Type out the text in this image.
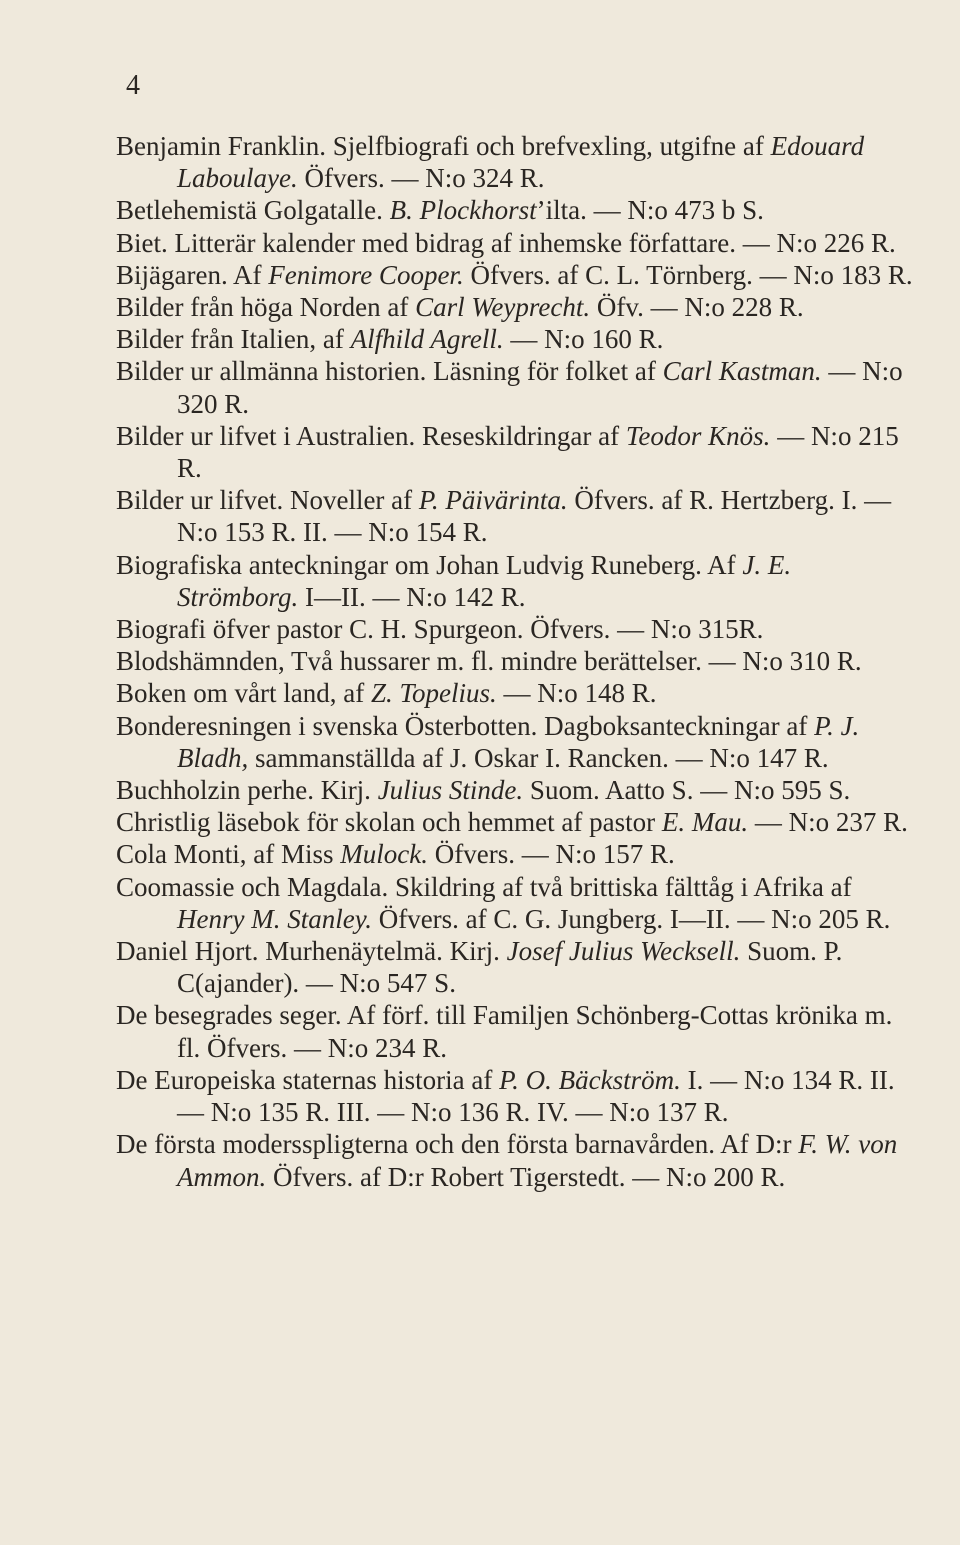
4
Benjamin Franklin. Sjelfbiografi och brefvexling, utgifne af Edouard Laboulaye. Öfvers. — N:o 324 R.
Betlehemistä Golgatalle. B. Plockhorst’ilta. — N:o 473 b S.
Biet. Litterär kalender med bidrag af inhemske författare. — N:o 226 R.
Bijägaren. Af Fenimore Cooper. Öfvers. af C. L. Törnberg. — N:o 183 R.
Bilder från höga Norden af Carl Weyprecht. Öfv. — N:o 228 R.
Bilder från Italien, af Alfhild Agrell. — N:o 160 R.
Bilder ur allmänna historien. Läsning för folket af Carl Kastman. — N:o 320 R.
Bilder ur lifvet i Australien. Reseskildringar af Teodor Knös. — N:o 215 R.
Bilder ur lifvet. Noveller af P. Päivärinta. Öfvers. af R. Hertzberg. I. — N:o 153 R. II. — N:o 154 R.
Biografiska anteckningar om Johan Ludvig Runeberg. Af J. E. Strömborg. I—II. — N:o 142 R.
Biografi öfver pastor C. H. Spurgeon. Öfvers. — N:o 315R.
Blodshämnden, Två hussarer m. fl. mindre berättelser. — N:o 310 R.
Boken om vårt land, af Z. Topelius. — N:o 148 R.
Bonderesningen i svenska Österbotten. Dagboksanteckningar af P. J. Bladh, sammanställda af J. Oskar I. Rancken. — N:o 147 R.
Buchholzin perhe. Kirj. Julius Stinde. Suom. Aatto S. — N:o 595 S.
Christlig läsebok för skolan och hemmet af pastor E. Mau. — N:o 237 R.
Cola Monti, af Miss Mulock. Öfvers. — N:o 157 R.
Coomassie och Magdala. Skildring af två brittiska fälttåg i Afrika af Henry M. Stanley. Öfvers. af C. G. Jungberg. I—II. — N:o 205 R.
Daniel Hjort. Murhenäytelmä. Kirj. Josef Julius Wecksell. Suom. P. C(ajander). — N:o 547 S.
De besegrades seger. Af förf. till Familjen Schönberg-Cottas krönika m. fl. Öfvers. — N:o 234 R.
De Europeiska staternas historia af P. O. Bäckström. I. — N:o 134 R. II. — N:o 135 R. III. — N:o 136 R. IV. — N:o 137 R.
De första modersspligterna och den första barnavården. Af D:r F. W. von Ammon. Öfvers. af D:r Robert Tigerstedt. — N:o 200 R.
